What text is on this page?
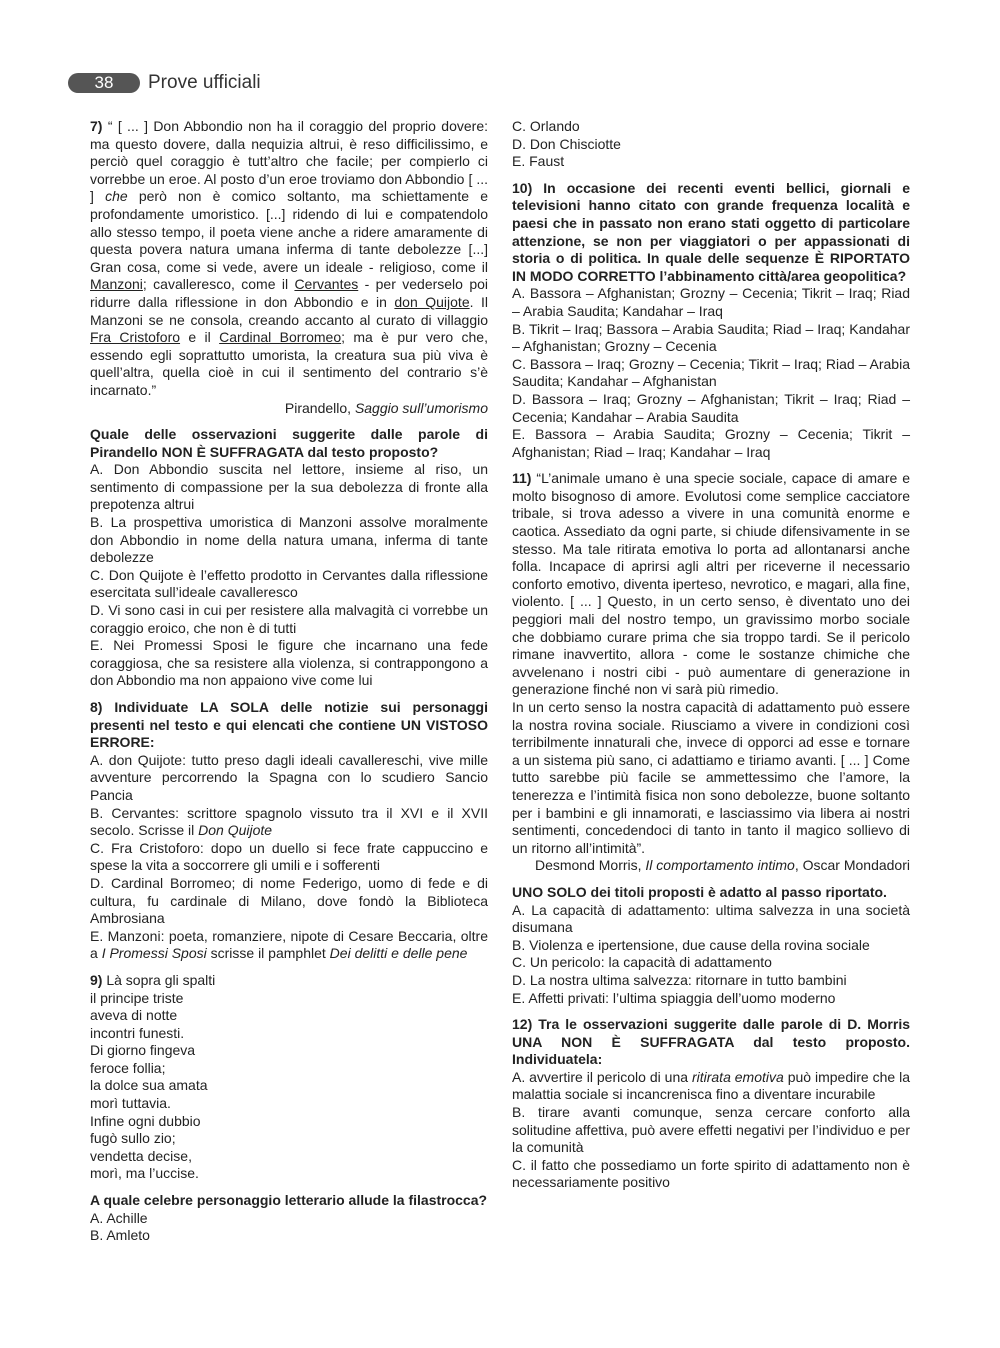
38	Prove ufficiali

7) “ [ ... ] Don Abbondio non ha il coraggio del proprio dovere: ma questo dovere, dalla nequizia altrui, è reso difficilissimo, e perciò quel coraggio è tutt’altro che facile; per compierlo ci vorrebbe un eroe. Al posto d’un eroe troviamo don Abbondio [ ... ] che però non è comico soltanto, ma schiettamente e profondamente umoristico. [...] ridendo di lui e compatendolo allo stesso tempo, il poeta viene anche a ridere amaramente di questa povera natura umana inferma di tante debolezze [...] Gran cosa, come si vede, avere un ideale - religioso, come il Manzoni; cavalleresco, come il Cervantes - per vederselo poi ridurre dalla riflessione in don Abbondio e in don Quijote. Il Manzoni se ne consola, creando accanto al curato di villaggio Fra Cristoforo e il Cardinal Borromeo; ma è pur vero che, essendo egli soprattutto umorista, la creatura sua più viva è quell’altra, quella cioè in cui il sentimento del contrario s’è incarnato.”

Pirandello, Saggio sull’umorismo

Quale delle osservazioni suggerite dalle parole di Pirandello NON È SUFFRAGATA dal testo proposto?

A. Don Abbondio suscita nel lettore, insieme al riso, un sentimento di compassione per la sua debolezza di fronte alla prepotenza altrui

B. La prospettiva umoristica di Manzoni assolve moralmente don Abbondio in nome della natura umana, inferma di tante debolezze

C. Don Quijote è l’effetto prodotto in Cervantes dalla riflessione esercitata sull’ideale cavalleresco

D. Vi sono casi in cui per resistere alla malvagità ci vorrebbe un coraggio eroico, che non è di tutti

E. Nei Promessi Sposi le figure che incarnano una fede coraggiosa, che sa resistere alla violenza, si contrappongono a don Abbondio ma non appaiono vive come lui

8) Individuate LA SOLA delle notizie sui personaggi presenti nel testo e qui elencati che contiene UN VISTOSO ERRORE:

A. don Quijote: tutto preso dagli ideali cavallereschi, vive mille avventure percorrendo la Spagna con lo scudiero Sancio Pancia

B. Cervantes: scrittore spagnolo vissuto tra il XVI e il XVII secolo. Scrisse il Don Quijote

C. Fra Cristoforo: dopo un duello si fece frate cappuccino e spese la vita a soccorrere gli umili e i sofferenti

D. Cardinal Borromeo; di nome Federigo, uomo di fede e di cultura, fu cardinale di Milano, dove fondò la Biblioteca Ambrosiana

E. Manzoni: poeta, romanziere, nipote di Cesare Beccaria, oltre a I Promessi Sposi scrisse il pamphlet Dei delitti e delle pene

9) Là sopra gli spalti

il principe triste

aveva di notte

incontri funesti.

Di giorno fingeva

feroce follia;

la dolce sua amata

morì tuttavia.

Infine ogni dubbio

fugò sullo zio;

vendetta decise,

morì, ma l’uccise.

A quale celebre personaggio letterario allude la filastrocca?

A. Achille

B. Amleto

C. Orlando

D. Don Chisciotte

E. Faust

10) In occasione dei recenti eventi bellici, giornali e televisioni hanno citato con grande frequenza località e paesi che in passato non erano stati oggetto di particolare attenzione, se non per viaggiatori o per appassionati di storia o di politica. In quale delle sequenze È RIPORTATO IN MODO CORRETTO l’abbinamento città/area geopolitica?

A. Bassora – Afghanistan; Grozny – Cecenia; Tikrit – Iraq; Riad – Arabia Saudita; Kandahar – Iraq

B. Tikrit – Iraq; Bassora – Arabia Saudita; Riad – Iraq; Kandahar – Afghanistan; Grozny – Cecenia

C. Bassora – Iraq; Grozny – Cecenia; Tikrit – Iraq; Riad – Arabia Saudita; Kandahar – Afghanistan

D. Bassora – Iraq; Grozny – Afghanistan; Tikrit – Iraq; Riad – Cecenia; Kandahar – Arabia Saudita

E. Bassora – Arabia Saudita; Grozny – Cecenia; Tikrit – Afghanistan; Riad – Iraq; Kandahar – Iraq

11) “L’animale umano è una specie sociale, capace di amare e molto bisognoso di amore. Evolutosi come semplice cacciatore tribale, si trova adesso a vivere in una comunità enorme e caotica. Assediato da ogni parte, si chiude difensivamente in se stesso. Ma tale ritirata emotiva lo porta ad allontanarsi anche folla. Incapace di aprirsi agli altri per riceverne il necessario conforto emotivo, diventa iperteso, nevrotico, e magari, alla fine, violento. [ ... ] Questo, in un certo senso, è diventato uno dei peggiori mali del nostro tempo, un gravissimo morbo sociale che dobbiamo curare prima che sia troppo tardi. Se il pericolo rimane inavvertito, allora - come le sostanze chimiche che avvelenano i nostri cibi - può aumentare di generazione in generazione finché non vi sarà più rimedio.

In un certo senso la nostra capacità di adattamento può essere la nostra rovina sociale. Riusciamo a vivere in condizioni così terribilmente innaturali che, invece di opporci ad esse e tornare a un sistema più sano, ci adattiamo e tiriamo avanti. [ ... ] Come tutto sarebbe più facile se ammettessimo che l’amore, la tenerezza e l’intimità fisica non sono debolezze, buone soltanto per i bambini e gli innamorati, e lasciassimo via libera ai nostri sentimenti, concedendoci di tanto in tanto il magico sollievo di un ritorno all’intimità”.

Desmond Morris, Il comportamento intimo, Oscar Mondadori

UNO SOLO dei titoli proposti è adatto al passo riportato.

A. La capacità di adattamento: ultima salvezza in una società disumana

B. Violenza e ipertensione, due cause della rovina sociale

C. Un pericolo: la capacità di adattamento

D. La nostra ultima salvezza: ritornare in tutto bambini

E. Affetti privati: l’ultima spiaggia dell’uomo moderno

12) Tra le osservazioni suggerite dalle parole di D. Morris UNA NON È SUFFRAGATA dal testo proposto. Individuatela:

A. avvertire il pericolo di una ritirata emotiva può impedire che la malattia sociale si incancrenisca fino a diventare incurabile

B. tirare avanti comunque, senza cercare conforto alla solitudine affettiva, può avere effetti negativi per l’individuo e per la comunità

C. il fatto che possediamo un forte spirito di adattamento non è necessariamente positivo
